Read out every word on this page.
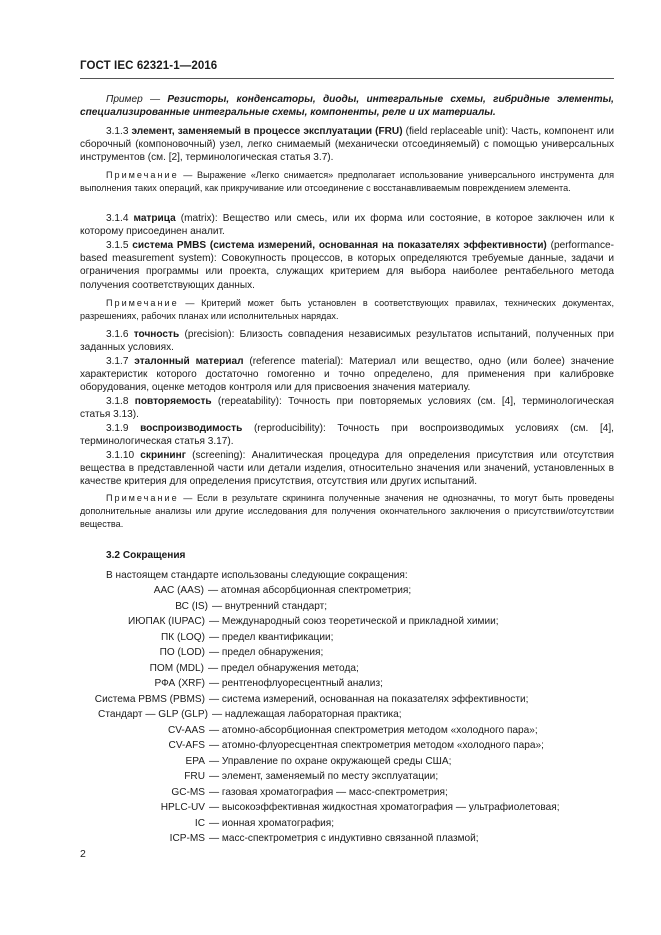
ГОСТ IEC 62321-1—2016
Пример — Резисторы, конденсаторы, диоды, интегральные схемы, гибридные элементы, специализированные интегральные схемы, компоненты, реле и их материалы.
3.1.3 элемент, заменяемый в процессе эксплуатации (FRU) (field replaceable unit): Часть, компонент или сборочный (компоновочный) узел, легко снимаемый (механически отсоединяемый) с помощью универсальных инструментов (см. [2], терминологическая статья 3.7).
Примечание — Выражение «Легко снимается» предполагает использование универсального инструмента для выполнения таких операций, как прикручивание или отсоединение с восстанавливаемым повреждением элемента.
3.1.4 матрица (matrix): Вещество или смесь, или их форма или состояние, в которое заключен или к которому присоединен аналит.
3.1.5 система PMBS (система измерений, основанная на показателях эффективности) (performance-based measurement system): Совокупность процессов, в которых определяются требуемые данные, задачи и ограничения программы или проекта, служащих критерием для выбора наиболее рентабельного метода получения соответствующих данных.
Примечание — Критерий может быть установлен в соответствующих правилах, технических документах, разрешениях, рабочих планах или исполнительных нарядах.
3.1.6 точность (precision): Близость совпадения независимых результатов испытаний, полученных при заданных условиях.
3.1.7 эталонный материал (reference material): Материал или вещество, одно (или более) значение характеристик которого достаточно гомогенно и точно определено, для применения при калибровке оборудования, оценке методов контроля или для присвоения значения материалу.
3.1.8 повторяемость (repeatability): Точность при повторяемых условиях (см. [4], терминологическая статья 3.13).
3.1.9 воспроизводимость (reproducibility): Точность при воспроизводимых условиях (см. [4], терминологическая статья 3.17).
3.1.10 скрининг (screening): Аналитическая процедура для определения присутствия или отсутствия вещества в представленной части или детали изделия, относительно значения или значений, установленных в качестве критерия для определения присутствия, отсутствия или других испытаний.
Примечание — Если в результате скрининга полученные значения не однозначны, то могут быть проведены дополнительные анализы или другие исследования для получения окончательного заключения о присутствии/отсутствии вещества.
3.2 Сокращения
В настоящем стандарте использованы следующие сокращения:
ААС (AAS) — атомная абсорбционная спектрометрия;
ВС (IS) — внутренний стандарт;
ИЮПАК (IUPAC) — Международный союз теоретической и прикладной химии;
ПК (LOQ) — предел квантификации;
ПО (LOD) — предел обнаружения;
ПОМ (MDL) — предел обнаружения метода;
РФА (XRF) — рентгенофлуоресцентный анализ;
Система PBMS (PBMS) — система измерений, основанная на показателях эффективности;
Стандарт — GLP (GLP) — надлежащая лабораторная практика;
CV-AAS — атомно-абсорбционная спектрометрия методом «холодного пара»;
CV-AFS — атомно-флуоресцентная спектрометрия методом «холодного пара»;
EPA — Управление по охране окружающей среды США;
FRU — элемент, заменяемый по месту эксплуатации;
GC-MS — газовая хроматография — масс-спектрометрия;
HPLC-UV — высокоэффективная жидкостная хроматография — ультрафиолетовая;
IC — ионная хроматография;
ICP-MS — масс-спектрометрия с индуктивно связанной плазмой;
2
